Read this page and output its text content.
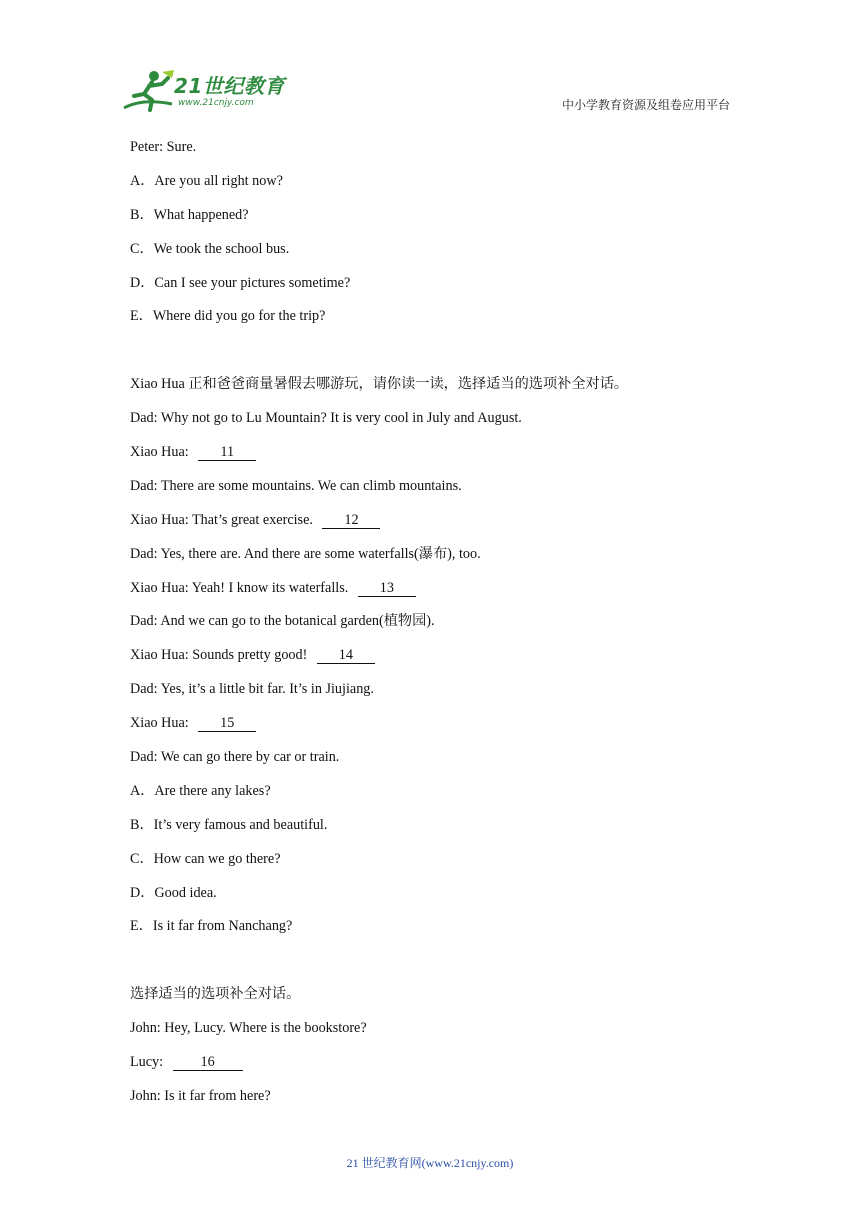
21世纪教育
www.21cnjy.com	中小学教育资源及组卷应用平台
Peter: Sure.
A．Are you all right now?
B．What happened?
C．We took the school bus.
D．Can I see your pictures sometime?
E．Where did you go for the trip?
Xiao Hua 正和爸爸商量暑假去哪游玩，请你读一读，选择适当的选项补全对话。
Dad: Why not go to Lu Mountain? It is very cool in July and August.
Xiao Hua: 11
Dad: There are some mountains. We can climb mountains.
Xiao Hua: That’s great exercise. 12
Dad: Yes, there are. And there are some waterfalls(瀑布), too.
Xiao Hua: Yeah! I know its waterfalls. 13
Dad: And we can go to the botanical garden(植物园).
Xiao Hua: Sounds pretty good! 14
Dad: Yes, it’s a little bit far. It’s in Jiujiang.
Xiao Hua: 15
Dad: We can go there by car or train.
A．Are there any lakes?
B．It’s very famous and beautiful.
C．How can we go there?
D．Good idea.
E．Is it far from Nanchang?
选择适当的选项补全对话。
John: Hey, Lucy. Where is the bookstore?
Lucy: 16
John: Is it far from here?
21 世纪教育网(www.21cnjy.com)
